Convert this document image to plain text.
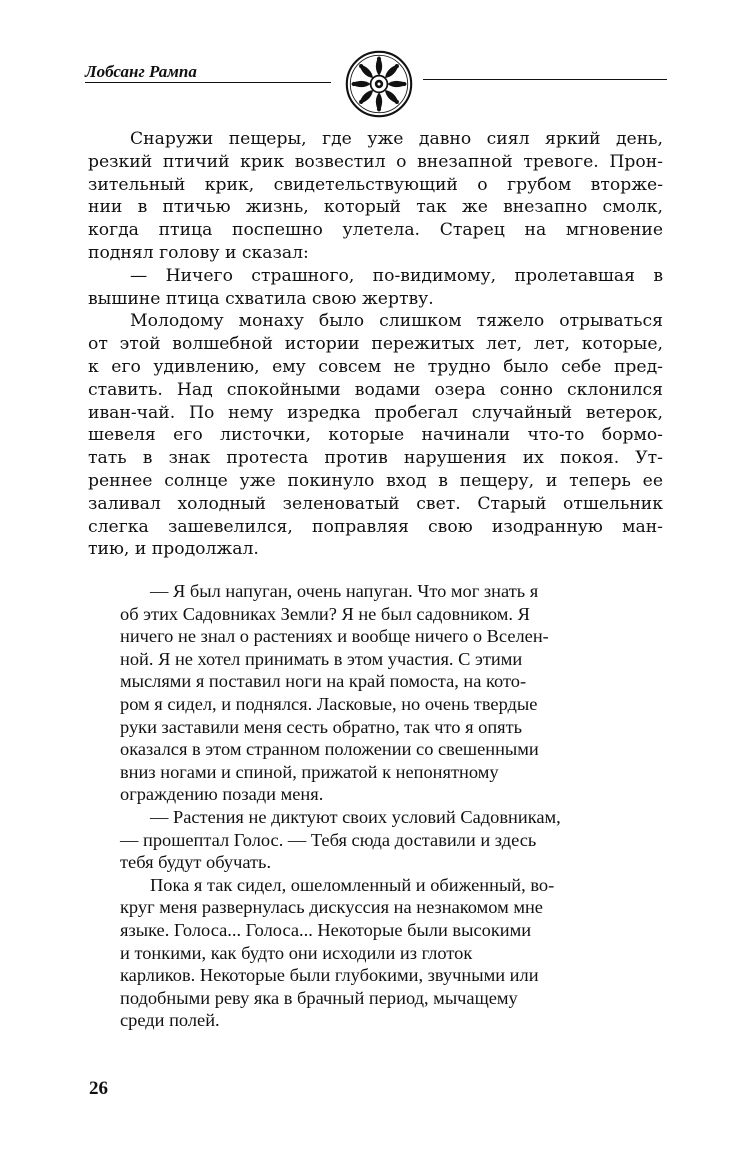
Лобсанг Рампа

Снаружи пещеры, где уже давно сиял яркий день,
резкий птичий крик возвестил о внезапной тревоге. Прон-
зительный крик, свидетельствующий о грубом вторже-
нии в птичью жизнь, который так же внезапно смолк,
когда птица поспешно улетела. Старец на мгновение
поднял голову и сказал:

— Ничего страшного, по-видимому, пролетавшая в
вышине птица схватила свою жертву.

Молодому монаху было слишком тяжело отрываться
от этой волшебной истории пережитых лет, лет, которые,
к его удивлению, ему совсем не трудно было себе пред-
ставить. Над спокойными водами озера сонно склонился
иван-чай. По нему изредка пробегал случайный ветерок,
шевеля его листочки, которые начинали что-то бормо-
тать в знак протеста против нарушения их покоя. Ут-
реннее солнце уже покинуло вход в пещеру, и теперь ее
заливал холодный зеленоватый свет. Старый отшельник
слегка зашевелился, поправляя свою изодранную ман-
тию, и продолжал.

— Я был напуган, очень напуган. Что мог знать я
об этих Садовниках Земли? Я не был садовником. Я
ничего не знал о растениях и вообще ничего о Вселен-
ной. Я не хотел принимать в этом участия. С этими
мыслями я поставил ноги на край помоста, на кото-
ром я сидел, и поднялся. Ласковые, но очень твердые
руки заставили меня сесть обратно, так что я опять
оказался в этом странном положении со свешенными
вниз ногами и спиной, прижатой к непонятному
ограждению позади меня.

— Растения не диктуют своих условий Садовникам,
— прошептал Голос. — Тебя сюда доставили и здесь
тебя будут обучать.

Пока я так сидел, ошеломленный и обиженный, во-
круг меня развернулась дискуссия на незнакомом мне
языке. Голоса... Голоса... Некоторые были высокими
и тонкими, как будто они исходили из глоток
карликов. Некоторые были глубокими, звучными или
подобными реву яка в брачный период, мычащему
среди полей.

26
